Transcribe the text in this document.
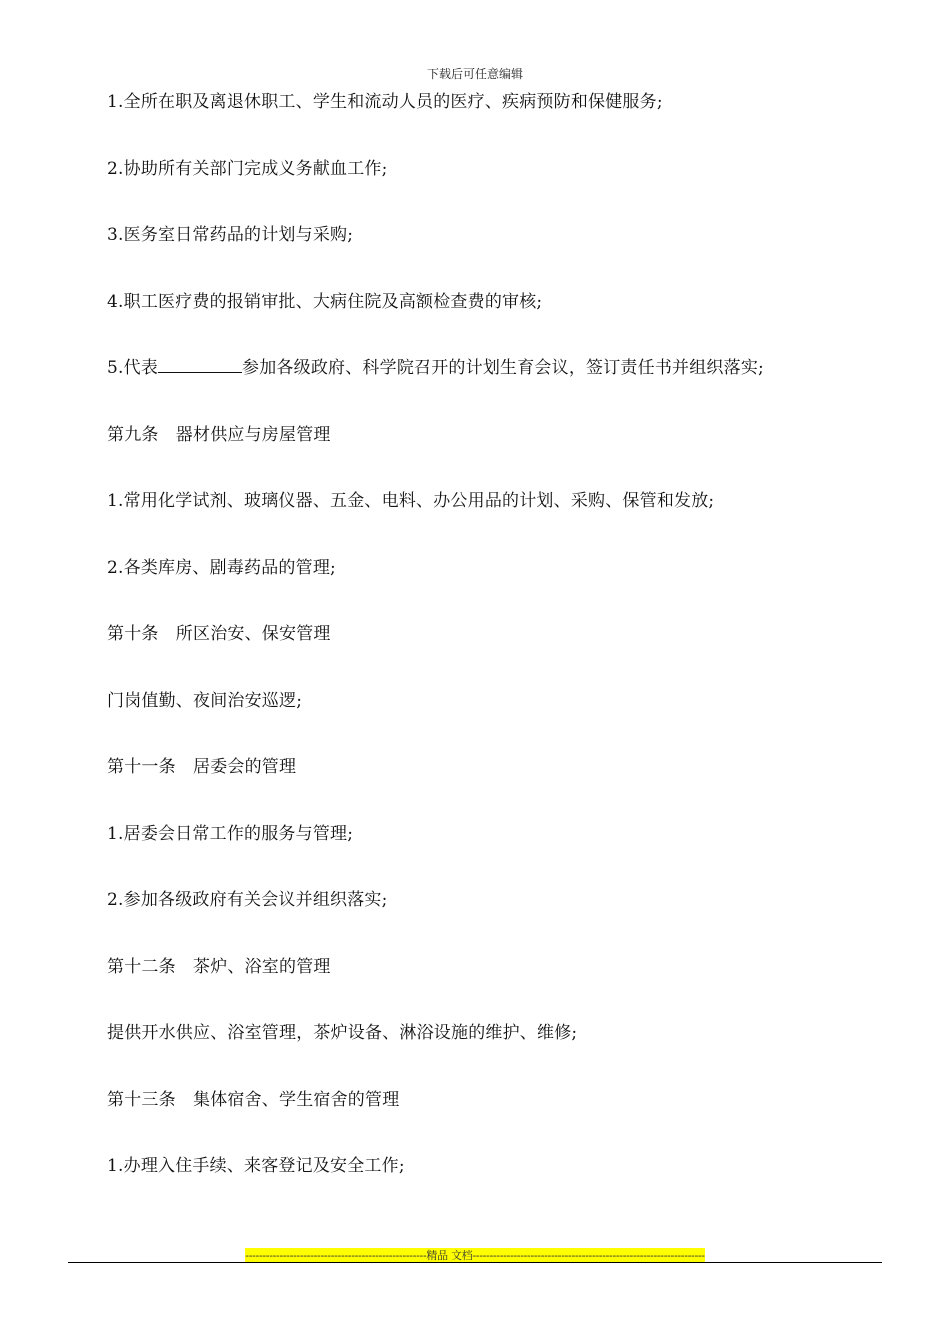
下载后可任意编辑
1.全所在职及离退休职工、学生和流动人员的医疗、疾病预防和保健服务;
2.协助所有关部门完成义务献血工作;
3.医务室日常药品的计划与采购;
4.职工医疗费的报销审批、大病住院及高额检查费的审核;
5.代表	参加各级政府、科学院召开的计划生育会议，签订责任书并组织落实;
第九条　器材供应与房屋管理
1.常用化学试剂、玻璃仪器、五金、电料、办公用品的计划、采购、保管和发放;
2.各类库房、剧毒药品的管理;
第十条　所区治安、保安管理
门岗值勤、夜间治安巡逻;
第十一条　居委会的管理
1.居委会日常工作的服务与管理;
2.参加各级政府有关会议并组织落实;
第十二条　茶炉、浴室的管理
提供开水供应、浴室管理，茶炉设备、淋浴设施的维护、维修;
第十三条　集体宿舍、学生宿舍的管理
1.办理入住手续、来客登记及安全工作;
-----------------------------------------------------精品 文档--------------------------------------------------------------------
